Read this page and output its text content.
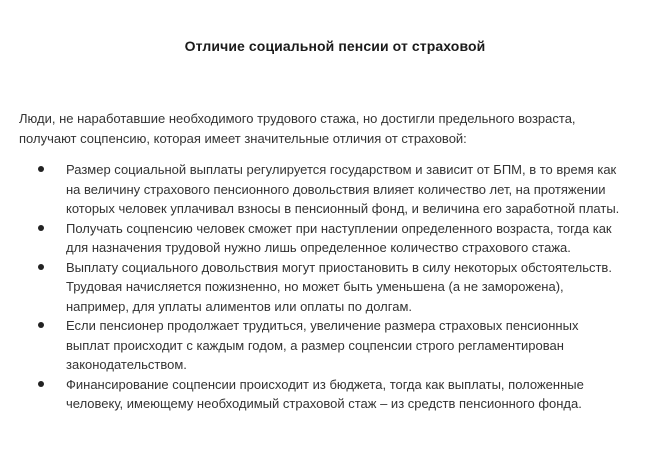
Отличие социальной пенсии от страховой
Люди, не наработавшие необходимого трудового стажа, но достигли предельного возраста,
получают соцпенсию, которая имеет значительные отличия от страховой:
Размер социальной выплаты регулируется государством и зависит от БПМ, в то время как
на величину страхового пенсионного довольствия влияет количество лет, на протяжении
которых человек уплачивал взносы в пенсионный фонд, и величина его заработной платы.
Получать соцпенсию человек сможет при наступлении определенного возраста, тогда как
для назначения трудовой нужно лишь определенное количество страхового стажа.
Выплату социального довольствия могут приостановить в силу некоторых обстоятельств.
Трудовая начисляется пожизненно, но может быть уменьшена (а не заморожена),
например, для уплаты алиментов или оплаты по долгам.
Если пенсионер продолжает трудиться, увеличение размера страховых пенсионных
выплат происходит с каждым годом, а размер соцпенсии строго регламентирован
законодательством.
Финансирование соцпенсии происходит из бюджета, тогда как выплаты, положенные
человеку, имеющему необходимый страховой стаж – из средств пенсионного фонда.
